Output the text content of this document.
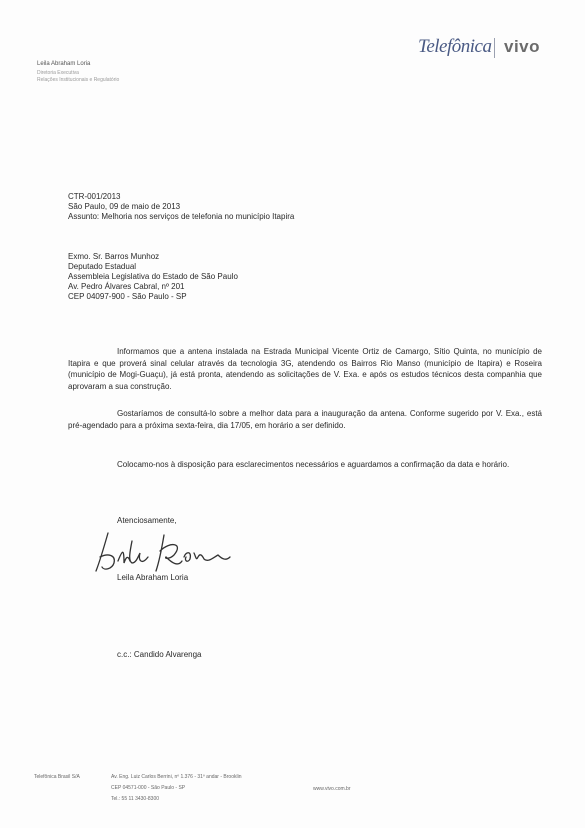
Telefônica vivo
Leila Abraham Loria
Diretoria Executiva
Relações Institucionais e Regulatório
CTR-001/2013
São Paulo, 09 de maio de 2013
Assunto: Melhoria nos serviços de telefonia no município Itapira
Exmo. Sr. Barros Munhoz
Deputado Estadual
Assembleia Legislativa do Estado de São Paulo
Av. Pedro Álvares Cabral, nº 201
CEP 04097-900 - São Paulo - SP
Informamos que a antena instalada na Estrada Municipal Vicente Ortiz de Camargo, Sítio Quinta, no município de Itapira e que proverá sinal celular através da tecnologia 3G, atendendo os Bairros Rio Manso (município de Itapira) e Roseira (município de Mogi-Guaçu), já está pronta, atendendo as solicitações de V. Exa. e após os estudos técnicos desta companhia que aprovaram a sua construção.
Gostaríamos de consultá-lo sobre a melhor data para a inauguração da antena. Conforme sugerido por V. Exa., está pré-agendado para a próxima sexta-feira, dia 17/05, em horário a ser definido.
Colocamo-nos à disposição para esclarecimentos necessários e aguardamos a confirmação da data e horário.
Atenciosamente,
Leila Abraham Loria
c.c.: Candido Alvarenga
Telefônica Brasil S/A	Av. Eng. Luiz Carlos Berrini, nº 1.376 - 31º andar - Brooklin
CEP 04571-000 - São Paulo - SP
Tel.: 55 11 3430-8300
www.vivo.com.br
